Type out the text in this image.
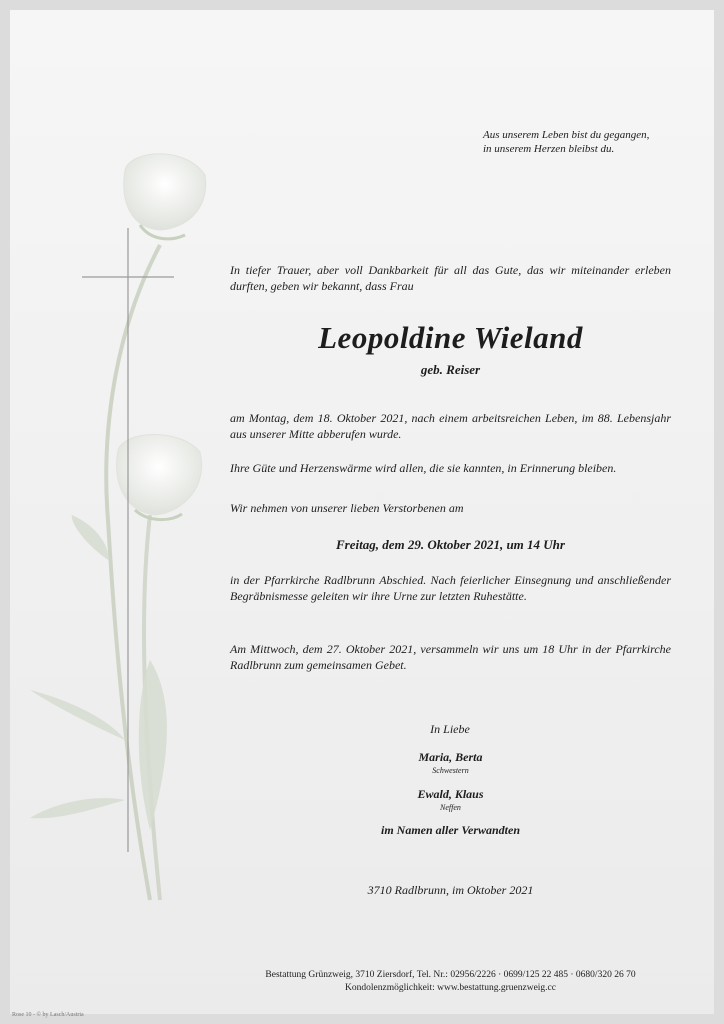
Aus unserem Leben bist du gegangen,
in unserem Herzen bleibst du.
In tiefer Trauer, aber voll Dankbarkeit für all das Gute, das wir miteinander erleben durften, geben wir bekannt, dass Frau
Leopoldine Wieland
geb. Reiser
am Montag, dem 18. Oktober 2021, nach einem arbeitsreichen Leben, im 88. Lebensjahr aus unserer Mitte abberufen wurde.
Ihre Güte und Herzenswärme wird allen, die sie kannten, in Erinnerung bleiben.
Wir nehmen von unserer lieben Verstorbenen am
Freitag, dem 29. Oktober 2021, um 14 Uhr
in der Pfarrkirche Radlbrunn Abschied. Nach feierlicher Einsegnung und anschließender Begräbnismesse geleiten wir ihre Urne zur letzten Ruhestätte.
Am Mittwoch, dem 27. Oktober 2021, versammeln wir uns um 18 Uhr in der Pfarrkirche Radlbrunn zum gemeinsamen Gebet.
In Liebe
Maria, Berta
Schwestern
Ewald, Klaus
Neffen
im Namen aller Verwandten
3710 Radlbrunn, im Oktober 2021
Bestattung Grünzweig, 3710 Ziersdorf, Tel. Nr.: 02956/2226 · 0699/125 22 485 · 0680/320 26 70
Kondolenzmöglichkeit: www.bestattung.gruenzweig.cc
Rose 10 - © by Lasch/Austria
